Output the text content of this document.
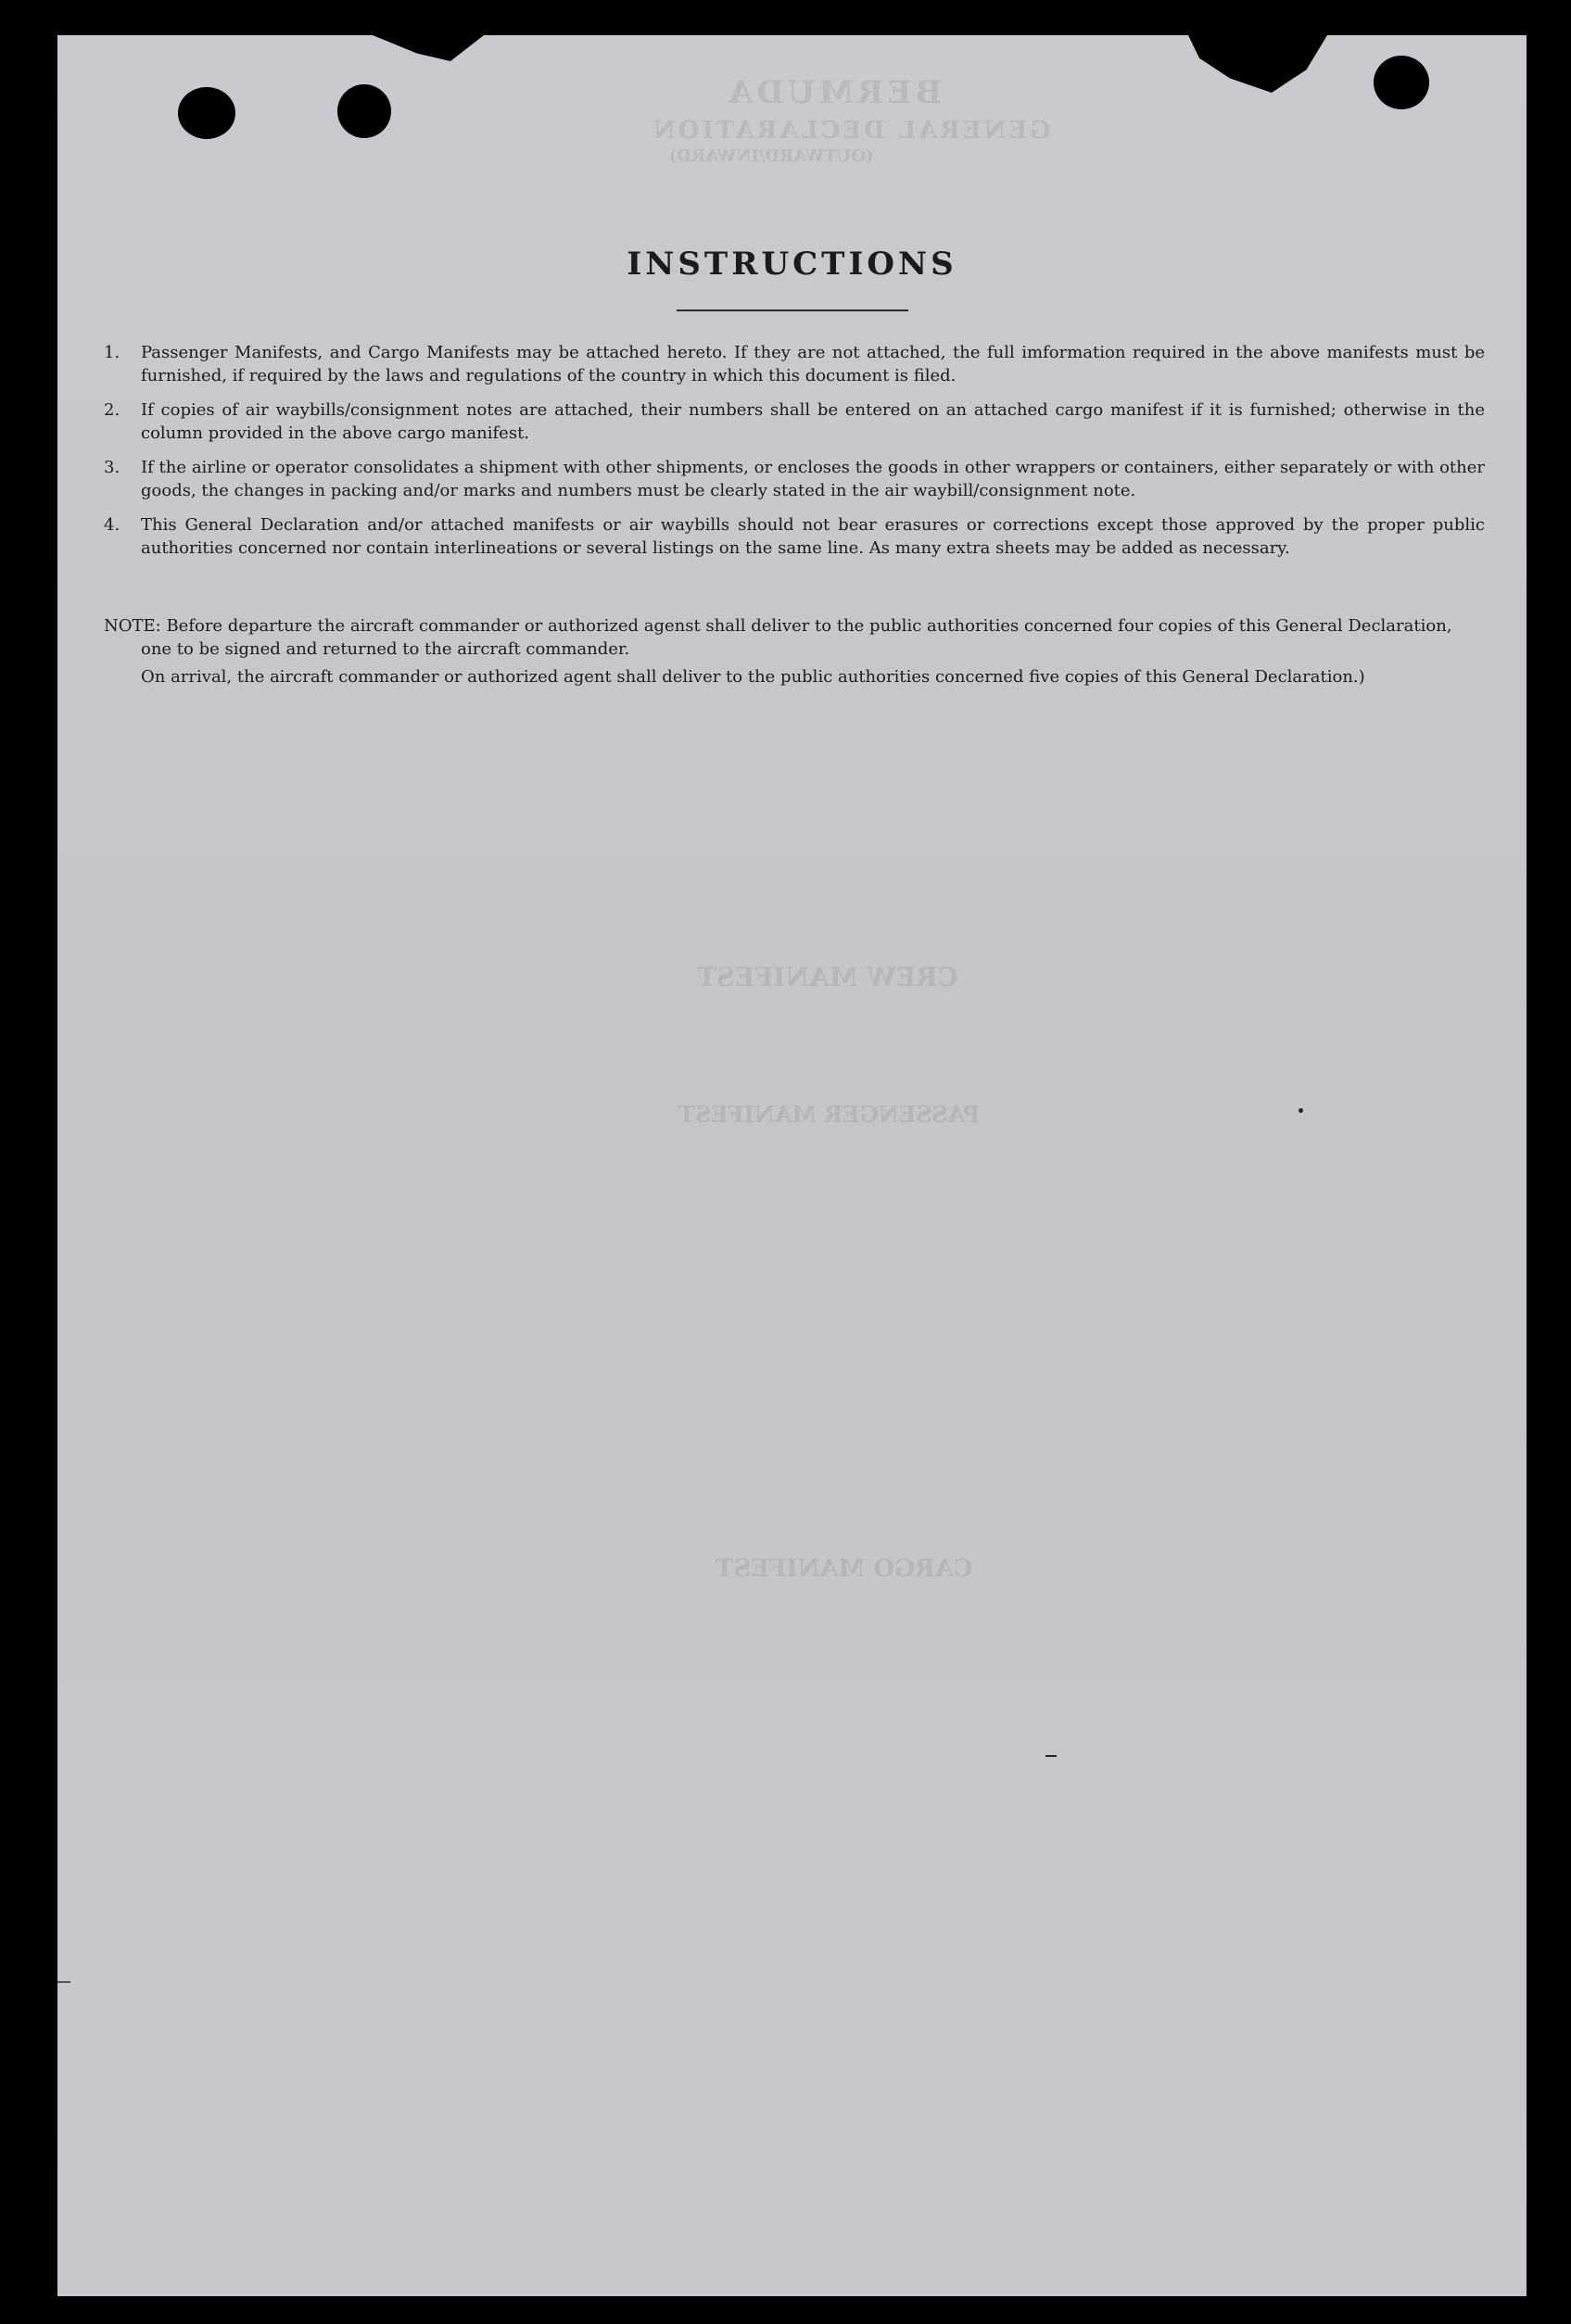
BERMUDA
GENERAL DECLARATION
(OUTWARD/INWARD)
CREW MANIFEST
PASSENGER MANIFEST
CARGO MANIFEST
INSTRUCTIONS
1. Passenger Manifests, and Cargo Manifests may be attached hereto. If they are not attached, the full imformation required in the above manifests must be furnished, if required by the laws and regulations of the country in which this document is filed.
2. If copies of air waybills/consignment notes are attached, their numbers shall be entered on an attached cargo manifest if it is furnished; otherwise in the column provided in the above cargo manifest.
3. If the airline or operator consolidates a shipment with other shipments, or encloses the goods in other wrappers or containers, either separately or with other goods, the changes in packing and/or marks and numbers must be clearly stated in the air waybill/consignment note.
4. This General Declaration and/or attached manifests or air waybills should not bear erasures or corrections except those approved by the proper public authorities concerned nor contain interlineations or several listings on the same line. As many extra sheets may be added as necessary.

NOTE: Before departure the aircraft commander or authorized agenst shall deliver to the public authorities concerned four copies of this General Declaration, one to be signed and returned to the aircraft commander.

On arrival, the aircraft commander or authorized agent shall deliver to the public authorities concerned five copies of this General Declaration.)
